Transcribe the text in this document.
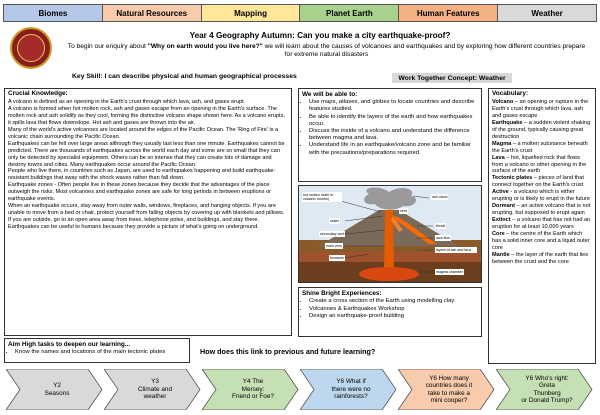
Biomes	Natural Resources	Mapping	Planet Earth	Human Features	Weather
Year 4 Geography Autumn: Can you make a city earthquake-proof?
To begin our enquiry about "Why on earth would you live here?" we will learn about the causes of volcanoes and earthquakes and by exploring how different countries prepare for extreme natural disasters
Key Skill: I can describe physical and human geographical processes	Work Together Concept: Weather
Crucial Knowledge:

A volcano is defined as an opening in the Earth's crust through which lava, ash, and gases erupt.

A volcano is formed when hot molten rock, ash and gases escape from an opening in the Earth's surface. The molten rock and ash solidify as they cool, forming the distinctive volcano shape shown here. As a volcano erupts, it spills lava that flows downslope. Hot ash and gases are thrown into the air.

Many of the world's active volcanoes are located around the edges of the Pacific Ocean. The 'Ring of Fire' is a volcanic chain surrounding the Pacific Ocean.

Earthquakes can be felt over large areas although they usually last less than one minute. Earthquakes cannot be predicted. There are thousands of earthquakes across the world each day and some are so small that they can only be detected by specialist equipment. Others can be so intense that they can create lots of damage and destroy towns and cities. Many earthquakes occur around the Pacific Ocean.

People who live there, in countries such as Japan, are used to earthquakes happening and build earthquake-resistant buildings that sway with the shock waves rather than fall down.

Earthquake zones - Often people live in these zones because they decide that the advantages of the place outweigh the risks. Most volcanoes and earthquake zones are safe for long periods in between eruptions or earthquake events.

When an earthquake occurs, stay away from outer walls, windows, fireplaces, and hanging objects. If you are unable to move from a bed or chair, protect yourself from falling objects by covering up with blankets and pillows. If you are outside, go to an open area away from trees, telephone poles, and buildings, and stay there.

Earthquakes can be useful to humans because they provide a picture of what's going on underground.

We will be able to:
• Use maps, atlases, and globes to locate countries and describe features studied.
• Be able to identify the layers of the earth and how earthquakes occur.
• Discuss the inside of a volcano and understand the difference between magma and lava.
• Understand life in an earthquake/volcano zone and be familiar with the precautions/preparations required.
hot molten rickle or volcanic bombs)	ash cloud
crater
secondary vent
main vent
fumarole
vent
throat
lava flow
layers of ash and lava
magma chamber
Shine Bright Experiences:
• Create a cross section of the Earth using modelling clay
• Volcanoes & Earthquakes Workshop
• Design an earthquake-proof building
Vocabulary:

Volcano – an opening or rupture in the Earth's crust through which lava, ash and gases escape

Earthquake – a sudden violent shaking of the ground, typically causing great destruction

Magma – a molten substance beneath the Earth's crust

Lava – hot, liquefied rock that flows from a volcano or other opening in the surface of the earth

Tectonic plates – pieces of land that connect together on the Earth's crust

Active - a volcano which is either erupting or is likely to erupt in the future

Dormant – an active volcano that is not erupting, but supposed to erupt again

Extinct – a volcano that has not had an eruption for at least 10,000 years

Core – the centre of the Earth which has a solid inner core and a liquid outer core

Mantle – the layer of the earth that lies between the crust and the core

Aim High tasks to deepen our learning...
• Know the names and locations of the main tectonic plates	How does this link to previous and future learning?
Y2
Seasons
Y3
Climate and
weather
Y4 The
Mersey:
Friend or Foe?
Y6 What if
there were no
rainforests?
Y6 How many
countries does it
take to make a
mini cooper?
Y6 Who's right:
Greta
Thunberg
or Donald Trump?
